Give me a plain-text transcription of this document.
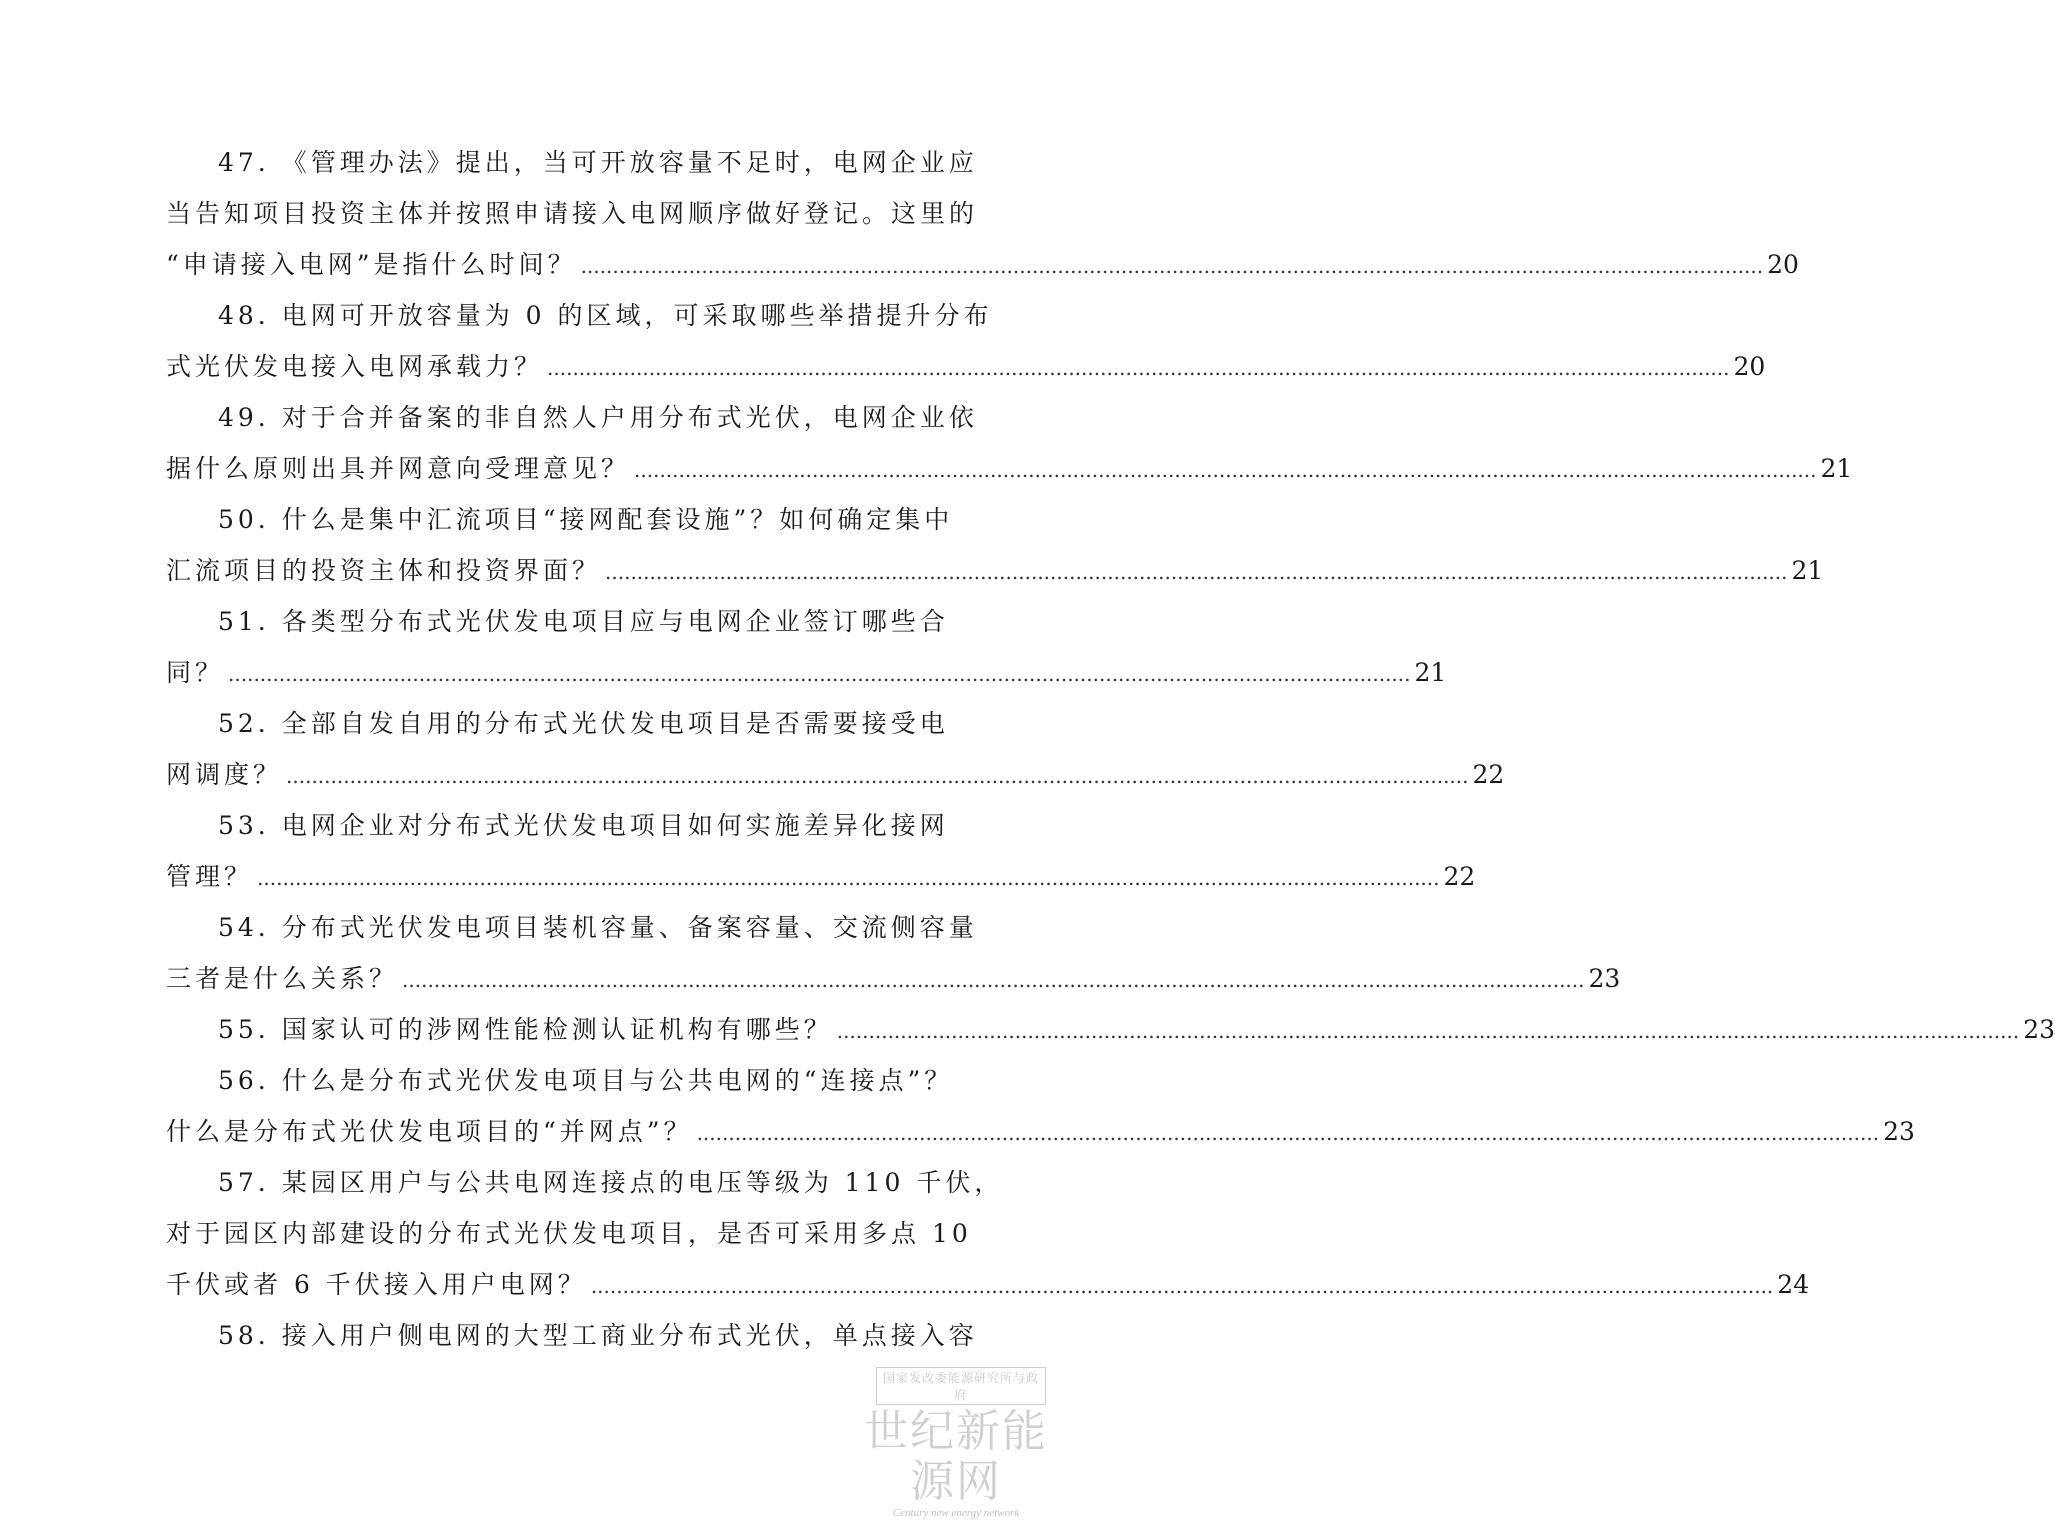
47. 《管理办法》提出，当可开放容量不足时，电网企业应
当告知项目投资主体并按照申请接入电网顺序做好登记。这里的
“申请接入电网”是指什么时间？ .....	20
48. 电网可开放容量为 0 的区域，可采取哪些举措提升分布
式光伏发电接入电网承载力？ .....	20
49. 对于合并备案的非自然人户用分布式光伏，电网企业依
据什么原则出具并网意向受理意见？ .....	21
50. 什么是集中汇流项目“接网配套设施”？如何确定集中
汇流项目的投资主体和投资界面？ .....	21
51. 各类型分布式光伏发电项目应与电网企业签订哪些合
同？ .....	21
52. 全部自发自用的分布式光伏发电项目是否需要接受电
网调度？ .....	22
53. 电网企业对分布式光伏发电项目如何实施差异化接网
管理？ .....	22
54. 分布式光伏发电项目装机容量、备案容量、交流侧容量
三者是什么关系？ .....	23
55. 国家认可的涉网性能检测认证机构有哪些？ .....	23
56. 什么是分布式光伏发电项目与公共电网的“连接点”？
什么是分布式光伏发电项目的“并网点”？ .....	23
57. 某园区用户与公共电网连接点的电压等级为 110 千伏，
对于园区内部建设的分布式光伏发电项目，是否可采用多点 10
千伏或者 6 千伏接入用户电网？ .....	24
58. 接入用户侧电网的大型工商业分布式光伏，单点接入容
国家发改委能源研究所与政府
世纪新能源网
Century new energy network
